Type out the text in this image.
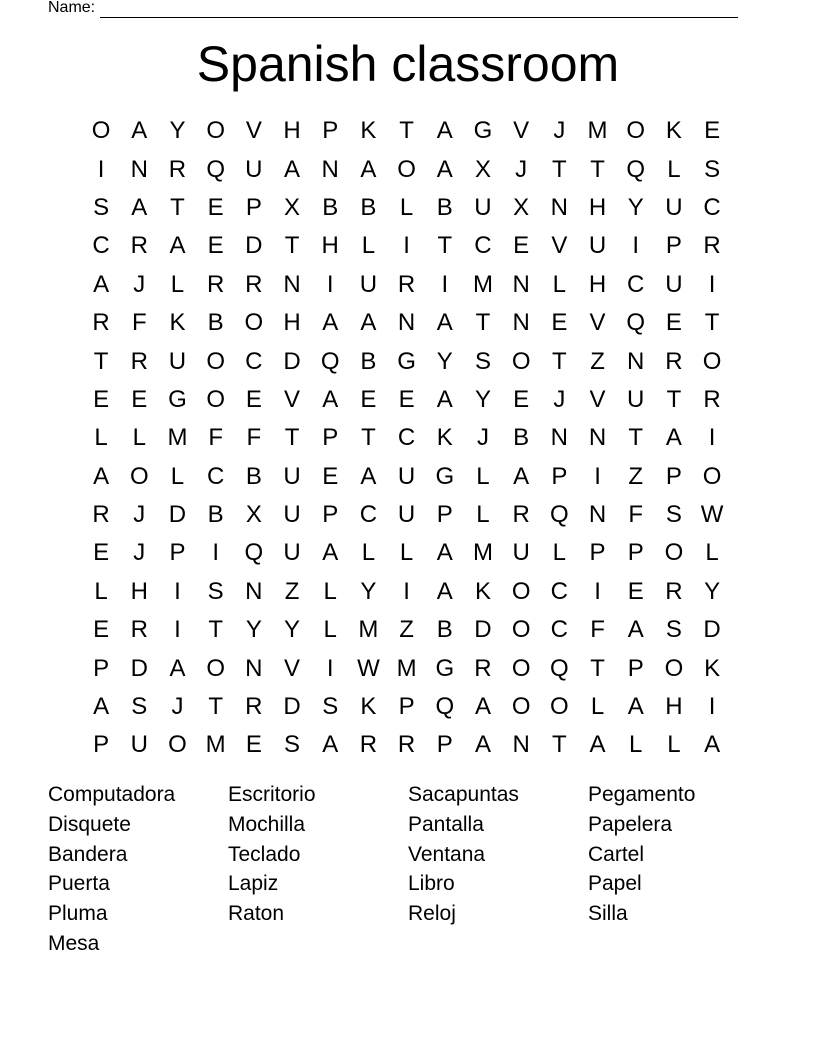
Name:
Spanish classroom
O A Y O V H P K T A G V	J M O K E
I	N R Q U A N A O A X	J	T T Q L S
S A T E P X B B L B U X N H Y U C
C R A E D T H L	I	T C E V U	I	P R
A	J	L R R N	I	U R	I	M N L H C U	I
R F K B O H A A N A T N E V Q E T
T R U O C D Q B G Y S O T Z N R O
E E G O E V A E E A Y E	J	V U T R
L	L M F F T P T C K	J	B N N T A	I
A O L C B U E A U G L A P	I	Z P O
R J D B X U P C U P L R Q N F S W
E	J	P	I	Q U A L	L A M U L P P O L
L H	I	S N Z	L Y	I	A K O C	I	E R Y
E R	I	T Y Y L M Z B D O C F A S D
P D A O N V	I W M G R O Q T P O K
A S	J	T R D S K P Q A O O L A H	I
P U O M E S A R R P A N T A L	L A
Computadora	Escritorio	Sacapuntas	Pegamento
Disquete	Mochilla	Pantalla	Papelera
Bandera	Teclado	Ventana	Cartel
Puerta	Lapiz	Libro	Papel
Pluma	Raton	Reloj	Silla
Mesa
